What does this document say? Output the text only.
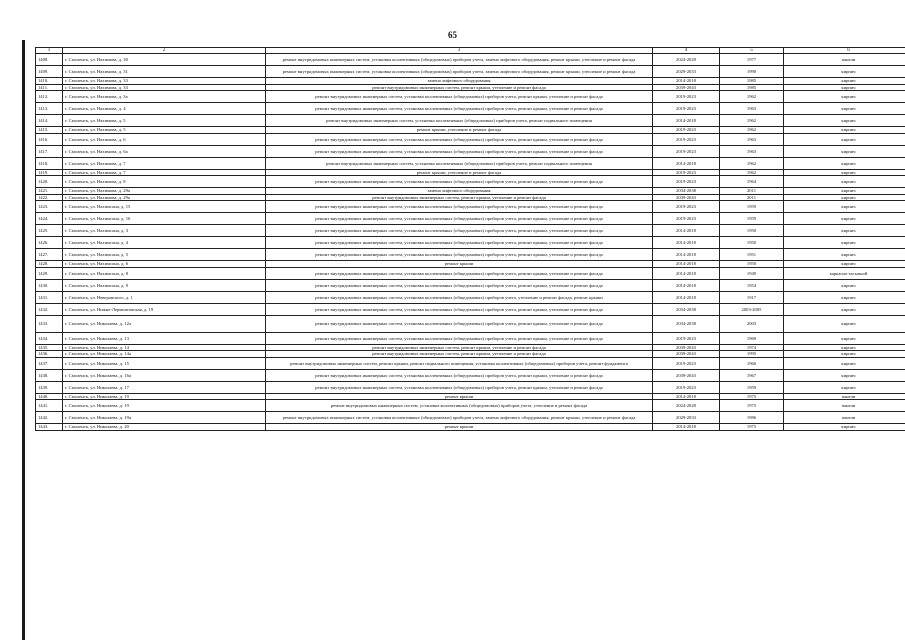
65
1	2	3	4	5	6
1408.	г. Смоленск, ул. Нахимова, д. 30	ремонт внутридомовых инженерных систем, установка коллективных (общедомовых) приборов учета, замена лифтового оборудования, ремонт крыши, утепление и ремонт фасада	2024-2028	1977	панели
1409.	г. Смоленск, ул. Нахимова, д. 31	ремонт внутридомовых инженерных систем, установка коллективных (общедомовых) приборов учета, замена лифтового оборудования, ремонт крыши, утепление и ремонт фасада	2029-2033	1990	кирпич
1410.	г. Смоленск, ул. Нахимова, д. 33	замена лифтового оборудования	2014-2018	1985	кирпич
1411.	г. Смоленск, ул. Нахимова, д. 33	ремонт внутридомовых инженерных систем, ремонт крыши, утепление и ремонт фасада	2039-2043	1985	кирпич
1412.	г. Смоленск, ул. Нахимова, д. 3а	ремонт внутридомовых инженерных систем, установка коллективных (общедомовых) приборов учета, ремонт крыши, утепление и ремонт фасада	2019-2023	1962	кирпич
1413.	г. Смоленск, ул. Нахимова, д. 4	ремонт внутридомовых инженерных систем, установка коллективных (общедомовых) приборов учета, ремонт крыши, утепление и ремонт фасада	2019-2023	1963	кирпич
1414.	г. Смоленск, ул. Нахимова, д. 5	ремонт внутридомовых инженерных систем, установка коллективных (общедомовых) приборов учета, ремонт подвального помещения	2014-2018	1962	кирпич
1415.	г. Смоленск, ул. Нахимова, д. 5	ремонт крыши, утепление и ремонт фасада	2019-2023	1962	кирпич
1416.	г. Смоленск, ул. Нахимова, д. 6	ремонт внутридомовых инженерных систем, установка коллективных (общедомовых) приборов учета, ремонт крыши, утепление и ремонт фасада	2019-2023	1963	кирпич
1417.	г. Смоленск, ул. Нахимова, д. 6а	ремонт внутридомовых инженерных систем, установка коллективных (общедомовых) приборов учета, ремонт крыши, утепление и ремонт фасада	2019-2023	1963	кирпич
1418.	г. Смоленск, ул. Нахимова, д. 7	ремонт внутридомовых инженерных систем, установка коллективных (общедомовых) приборов учета, ремонт подвального помещения	2014-2018	1962	кирпич
1419.	г. Смоленск, ул. Нахимова, д. 7	ремонт крыши, утепление и ремонт фасада	2019-2023	1962	кирпич
1420.	г. Смоленск, ул. Нахимова, д. 8	ремонт внутридомовых инженерных систем, установка коллективных (общедомовых) приборов учета, ремонт крыши, утепление и ремонт фасада	2019-2023	1964	кирпич
1421.	г. Смоленск, ул. Нахимова, д. 29а	замена лифтового оборудования	2034-2038	2011	кирпич
1422.	г. Смоленск, ул. Нахимова, д. 29а	ремонт внутридомовых инженерных систем, ремонт крыши, утепление и ремонт фасада	2039-2043	2011	кирпич
1423.	г. Смоленск, ул. Нахимсона, д. 15	ремонт внутридомовых инженерных систем, установка коллективных (общедомовых) приборов учета, ремонт крыши, утепление и ремонт фасада	2019-2023	1959	кирпич
1424.	г. Смоленск, ул. Нахимсона, д. 16	ремонт внутридомовых инженерных систем, установка коллективных (общедомовых) приборов учета, ремонт крыши, утепление и ремонт фасада	2019-2023	1959	кирпич
1425.	г. Смоленск, ул. Нахимсона, д. 3	ремонт внутридомовых инженерных систем, установка коллективных (общедомовых) приборов учета, ремонт крыши, утепление и ремонт фасада	2014-2018	1950	кирпич
1426.	г. Смоленск, ул. Нахимсона, д. 4	ремонт внутридомовых инженерных систем, установка коллективных (общедомовых) приборов учета, ремонт крыши, утепление и ремонт фасада	2014-2018	1950	кирпич
1427.	г. Смоленск, ул. Нахимсона, д. 5	ремонт внутридомовых инженерных систем, установка коллективных (общедомовых) приборов учета, ремонт крыши, утепление и ремонт фасада	2014-2018	1951	кирпич
1428.	г. Смоленск, ул. Нахимсона, д. 6	ремонт крыши	2014-2018	1950	кирпич
1429.	г. Смоленск, ул. Нахимсона, д. 8	ремонт внутридомовых инженерных систем, установка коллективных (общедомовых) приборов учета, ремонт крыши, утепление и ремонт фасада	2014-2018	1949	каркасно-засыпной
1430.	г. Смоленск, ул. Нахимсона, д. 9	ремонт внутридомовых инженерных систем, установка коллективных (общедомовых) приборов учета, ремонт крыши, утепление и ремонт фасада	2014-2018	1954	кирпич
1431.	г. Смоленск, ул. Неверовского, д. 1	ремонт внутридомовых инженерных систем, установка коллективных (общедомовых) приборов учета, утепление и ремонт фасада, ремонт крыши	2014-2018	1917	кирпич
1432.	г. Смоленск, ул. Нижне-Лермонтовская, д. 19	ремонт внутридомовых инженерных систем, установка коллективных (общедомовых) приборов учета, ремонт крыши, утепление и ремонт фасада	2034-2038	2003-2005	кирпич
1433.	г. Смоленск, ул. Николаева, д. 12а	ремонт внутридомовых инженерных систем, установка коллективных (общедомовых) приборов учета, ремонт крыши, утепление и ремонт фасада	2034-2038	2003	кирпич
1434.	г. Смоленск, ул. Николаева, д. 13	ремонт внутридомовых инженерных систем, установка коллективных (общедомовых) приборов учета, ремонт крыши, утепление и ремонт фасада	2019-2023	1969	кирпич
1435.	г. Смоленск, ул. Николаева, д. 14	ремонт внутридомовых инженерных систем, ремонт крыши, утепление и ремонт фасада	2039-2043	1974	кирпич
1436.	г. Смоленск, ул. Николаева, д. 14а	ремонт внутридомовых инженерных систем, ремонт крыши, утепление и ремонт фасада	2039-2043	1995	кирпич
1437.	г. Смоленск, ул. Николаева, д. 15	ремонт внутридомовых инженерных систем, ремонт крыши, ремонт подвального помещения, установка коллективных (общедомовых) приборов учета, ремонт фундамента	2019-2023	1960	кирпич
1438.	г. Смоленск, ул. Николаева, д. 16а	ремонт внутридомовых инженерных систем, установка коллективных (общедомовых) приборов учета, ремонт крыши, утепление и ремонт фасада	2039-2043	1967	кирпич
1439.	г. Смоленск, ул. Николаева, д. 17	ремонт внутридомовых инженерных систем, установка коллективных (общедомовых) приборов учета, ремонт крыши, утепление и ремонт фасада	2019-2023	1959	кирпич
1440.	г. Смоленск, ул. Николаева, д. 19	ремонт крыши	2014-2018	1975	панели
1441.	г. Смоленск, ул. Николаева, д. 19	ремонт внутридомовых инженерных систем, установка коллективных (общедомовых) приборов учета, утепление и ремонт фасада	2024-2028	1975	панели
1442.	г. Смоленск, ул. Николаева, д. 19а	ремонт внутридомовых инженерных систем, установка коллективных (общедомовых) приборов учета, замена лифтового оборудования, ремонт крыши, утепление и ремонт фасада	2029-2033	1986	панели
1443.	г. Смоленск, ул. Николаева, д. 20	ремонт крыши	2014-2018	1975	кирпич
